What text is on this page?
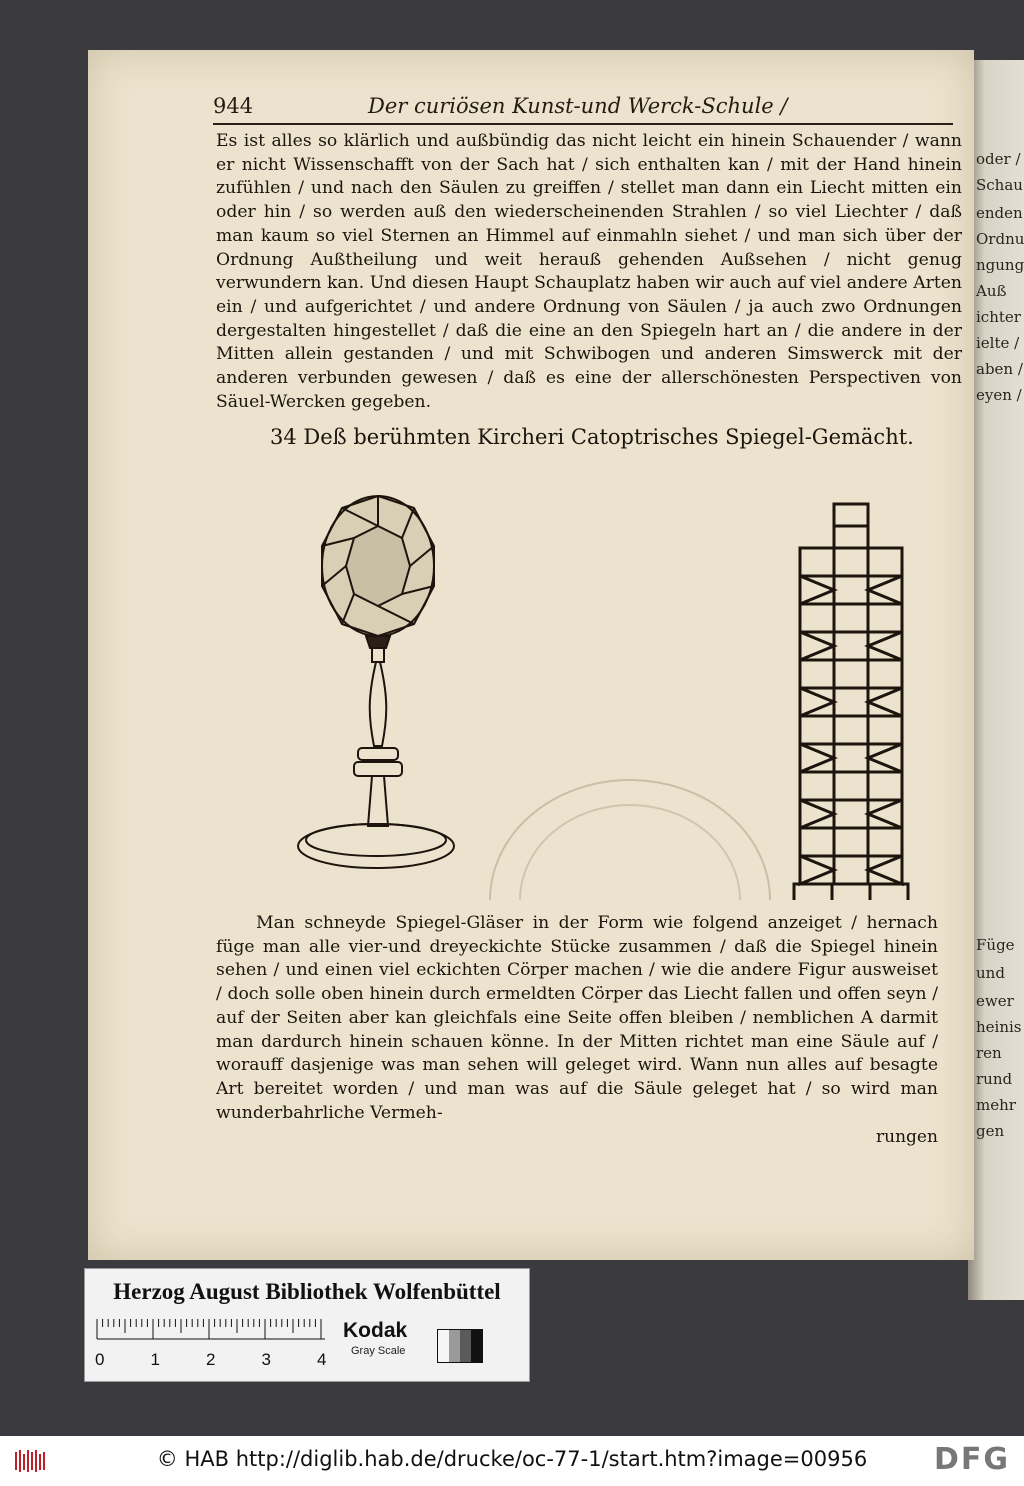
oder /
Schau
enden
Ordnu
ngung
Auß
ichter
ielte /
aben /
eyen /
Füge
und
ewer
heinis
ren
rund
mehr
gen
944	Der curiösen Kunst-und Werck-Schule /

Es ist alles so klärlich und außbündig das nicht leicht ein hinein Schauender / wann er nicht Wissenschafft von der Sach hat / sich enthalten kan / mit der Hand hinein zufühlen / und nach den Säulen zu greiffen / stellet man dann ein Liecht mitten ein oder hin / so werden auß den wiederscheinenden Strahlen / so viel Liechter / daß man kaum so viel Sternen an Himmel auf einmahln siehet / und man sich über der Ordnung Außtheilung und weit herauß gehenden Außsehen / nicht genug verwundern kan. Und diesen Haupt Schauplatz haben wir auch auf viel andere Arten ein / und aufgerichtet / und andere Ordnung von Säulen / ja auch zwo Ordnungen dergestalten hingestellet / daß die eine an den Spiegeln hart an / die andere in der Mitten allein gestanden / und mit Schwibogen und anderen Simswerck mit der anderen verbunden gewesen / daß es eine der allerschönesten Perspectiven von Säuel-Wercken gegeben.

34 Deß berühmten Kircheri Catoptrisches Spiegel-Gemächt.

Man schneyde Spiegel-Gläser in der Form wie folgend anzeiget / hernach füge man alle vier-und dreyeckichte Stücke zusammen / daß die Spiegel hinein sehen / und einen viel eckichten Cörper machen / wie die andere Figur ausweiset / doch solle oben hinein durch ermeldten Cörper das Liecht fallen und offen seyn / auf der Seiten aber kan gleichfals eine Seite offen bleiben / nemblichen A darmit man dardurch hinein schauen könne. In der Mitten richtet man eine Säule auf / worauff dasjenige was man sehen will geleget wird. Wann nun alles auf besagte Art bereitet worden / und man was auf die Säule geleget hat / so wird man wunderbahrliche Vermeh-

rungen
Herzog August Bibliothek Wolfenbüttel
0	1	2	3	4
Kodak
Gray Scale
© HAB http://diglib.hab.de/drucke/oc-77-1/start.htm?image=00956	DFG
